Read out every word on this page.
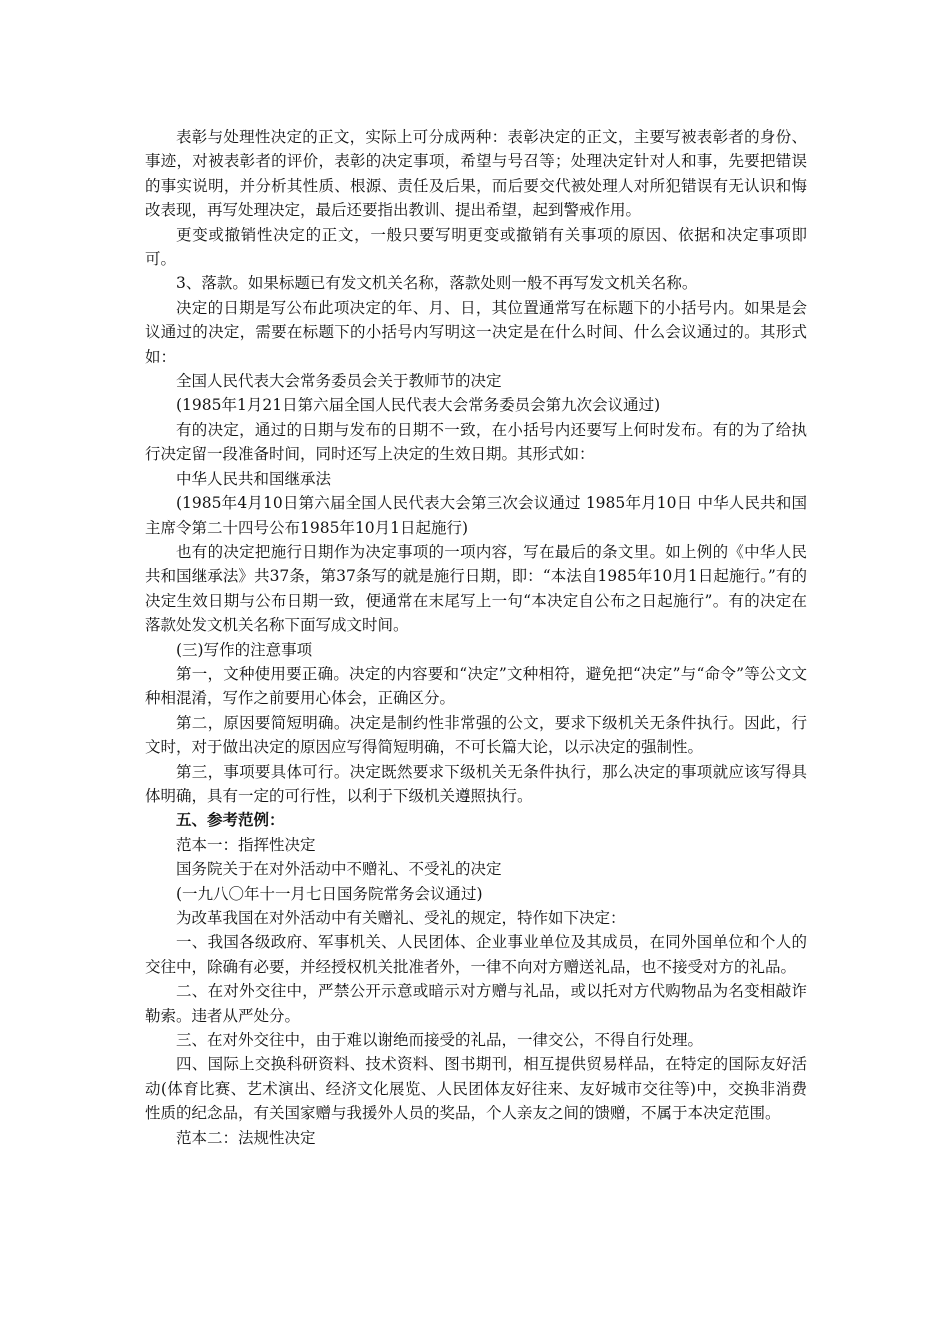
表彰与处理性决定的正文，实际上可分成两种：表彰决定的正文，主要写被表彰者的身份、事迹，对被表彰者的评价，表彰的决定事项，希望与号召等；处理决定针对人和事，先要把错误的事实说明，并分析其性质、根源、责任及后果，而后要交代被处理人对所犯错误有无认识和悔改表现，再写处理决定，最后还要指出教训、提出希望，起到警戒作用。

更变或撤销性决定的正文，一般只要写明更变或撤销有关事项的原因、依据和决定事项即可。

3、落款。如果标题已有发文机关名称，落款处则一般不再写发文机关名称。

决定的日期是写公布此项决定的年、月、日，其位置通常写在标题下的小括号内。如果是会议通过的决定，需要在标题下的小括号内写明这一决定是在什么时间、什么会议通过的。其形式如：

全国人民代表大会常务委员会关于教师节的决定

(1985年1月21日第六届全国人民代表大会常务委员会第九次会议通过)

有的决定，通过的日期与发布的日期不一致，在小括号内还要写上何时发布。有的为了给执行决定留一段准备时间，同时还写上决定的生效日期。其形式如：

中华人民共和国继承法

(1985年4月10日第六届全国人民代表大会第三次会议通过 1985年月10日 中华人民共和国主席令第二十四号公布1985年10月1日起施行)

也有的决定把施行日期作为决定事项的一项内容，写在最后的条文里。如上例的《中华人民共和国继承法》共37条，第37条写的就是施行日期，即：“本法自1985年10月1日起施行。”有的决定生效日期与公布日期一致，便通常在末尾写上一句“本决定自公布之日起施行”。有的决定在落款处发文机关名称下面写成文时间。

(三)写作的注意事项

第一，文种使用要正确。决定的内容要和“决定”文种相符，避免把“决定”与“命令”等公文文种相混淆，写作之前要用心体会，正确区分。

第二，原因要简短明确。决定是制约性非常强的公文，要求下级机关无条件执行。因此，行文时，对于做出决定的原因应写得简短明确，不可长篇大论，以示决定的强制性。

第三，事项要具体可行。决定既然要求下级机关无条件执行，那么决定的事项就应该写得具体明确，具有一定的可行性，以利于下级机关遵照执行。

五、参考范例：

范本一：指挥性决定

国务院关于在对外活动中不赠礼、不受礼的决定

(一九八〇年十一月七日国务院常务会议通过)

为改革我国在对外活动中有关赠礼、受礼的规定，特作如下决定：

一、我国各级政府、军事机关、人民团体、企业事业单位及其成员，在同外国单位和个人的交往中，除确有必要，并经授权机关批准者外，一律不向对方赠送礼品，也不接受对方的礼品。

二、在对外交往中，严禁公开示意或暗示对方赠与礼品，或以托对方代购物品为名变相敲诈勒索。违者从严处分。

三、在对外交往中，由于难以谢绝而接受的礼品，一律交公，不得自行处理。

四、国际上交换科研资料、技术资料、图书期刊，相互提供贸易样品，在特定的国际友好活动(体育比赛、艺术演出、经济文化展览、人民团体友好往来、友好城市交往等)中，交换非消费性质的纪念品，有关国家赠与我援外人员的奖品，个人亲友之间的馈赠，不属于本决定范围。

范本二：法规性决定
